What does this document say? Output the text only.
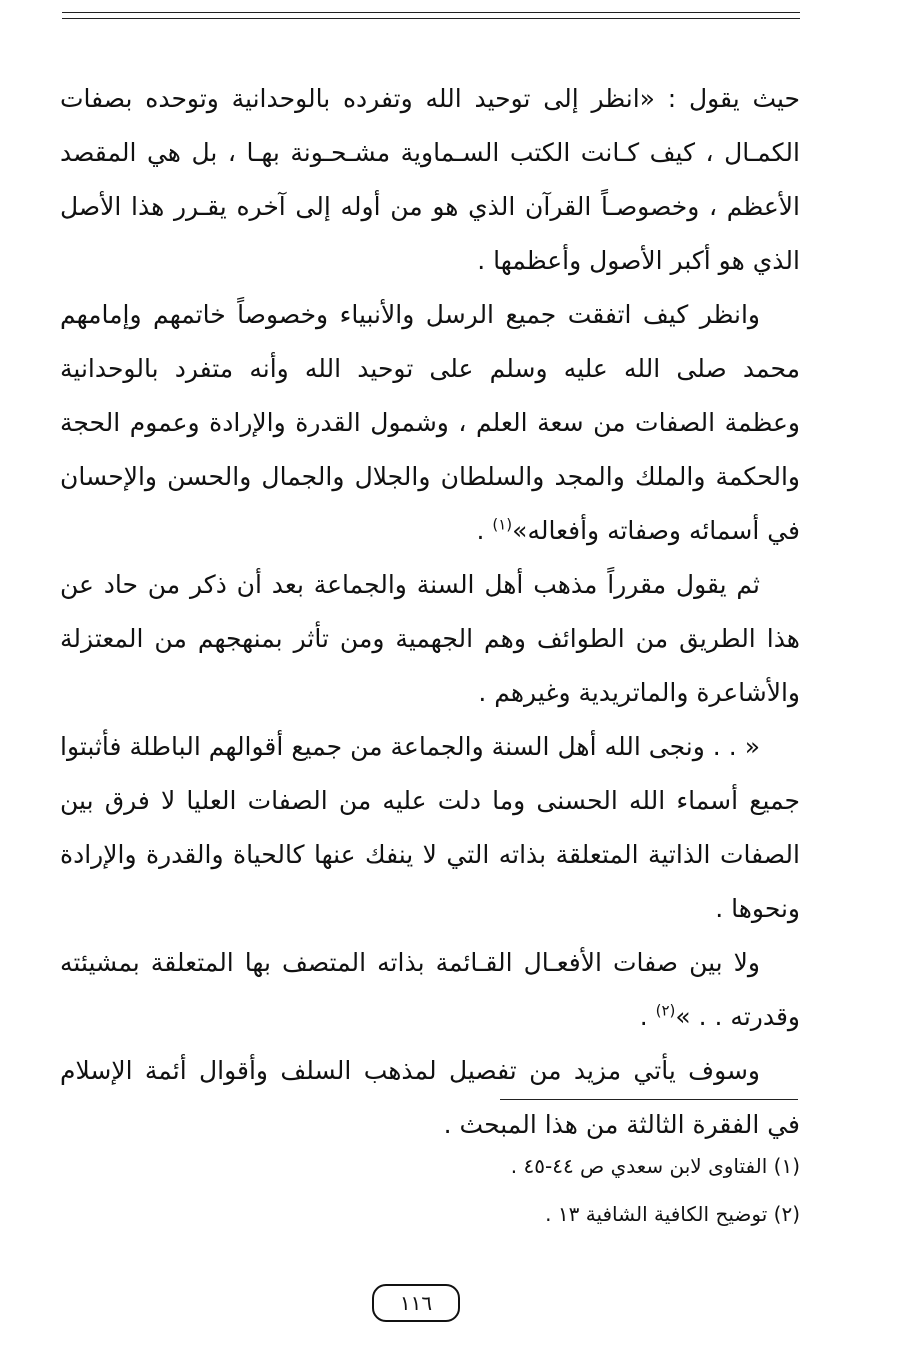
حيث يقول : «انظر إلى توحيد الله وتفرده بالوحدانية وتوحده بصفات الكمـال ، كيف كـانت الكتب السـماوية مشـحـونة بهـا ، بل هي المقصد الأعظم ، وخصوصـاً القرآن الذي هو من أوله إلى آخره يقـرر هذا الأصل الذي هو أكبر الأصول وأعظمها .

وانظر كيف اتفقت جميع الرسل والأنبياء وخصوصاً خاتمهم وإمامهم محمد صلى الله عليه وسلم على توحيد الله وأنه متفرد بالوحدانية وعظمة الصفات من سعة العلم ، وشمول القدرة والإرادة وعموم الحجة والحكمة والملك والمجد والسلطان والجلال والجمال والحسن والإحسان في أسمائه وصفاته وأفعاله»$^{(١)}$ .

ثم يقول مقرراً مذهب أهل السنة والجماعة بعد أن ذكر من حاد عن هذا الطريق من الطوائف وهم الجهمية ومن تأثر بمنهجهم من المعتزلة والأشاعرة والماتريدية وغيرهم .

« . . ونجى الله أهل السنة والجماعة من جميع أقوالهم الباطلة فأثبتوا جميع أسماء الله الحسنى وما دلت عليه من الصفات العليا لا فرق بين الصفات الذاتية المتعلقة بذاته التي لا ينفك عنها كالحياة والقدرة والإرادة ونحوها .

ولا بين صفات الأفعـال القـائمة بذاته المتصف بها المتعلقة بمشيئته وقدرته . . »$^{(٢)}$ .

وسوف يأتي مزيد من تفصيل لمذهب السلف وأقوال أئمة الإسلام في الفقرة الثالثة من هذا المبحث .

(١) الفتاوى لابن سعدي ص ٤٤-٤٥ .
(٢) توضيح الكافية الشافية ١٣ .
١١٦
